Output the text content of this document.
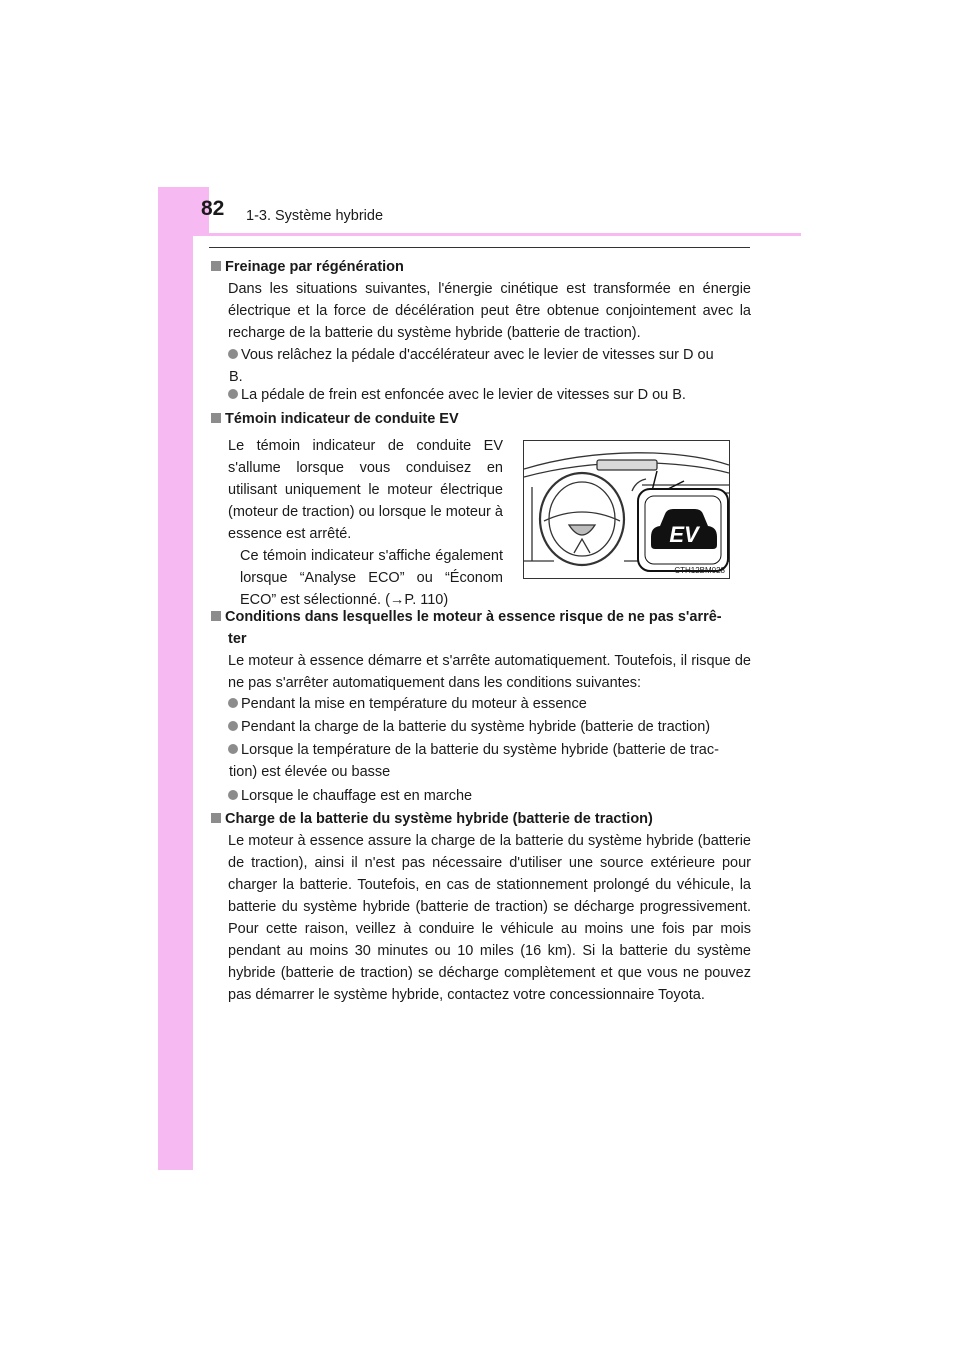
82 1-3. Système hybride
Freinage par régénération
Dans les situations suivantes, l'énergie cinétique est transformée en énergie électrique et la force de décélération peut être obtenue conjointement avec la recharge de la batterie du système hybride (batterie de traction).
Vous relâchez la pédale d'accélérateur avec le levier de vitesses sur D ou
B.
La pédale de frein est enfoncée avec le levier de vitesses sur D ou B.
Témoin indicateur de conduite EV
Le témoin indicateur de conduite EV s'allume lorsque vous conduisez en utilisant uniquement le moteur électrique (moteur de traction) ou lorsque le moteur à essence est arrêté.
Ce témoin indicateur s'affiche également lorsque “Analyse ECO” ou “Économ ECO” est sélectionné. (→P. 110)
EV
CTH12BM028
Conditions dans lesquelles le moteur à essence risque de ne pas s'arrê-
ter
Le moteur à essence démarre et s'arrête automatiquement. Toutefois, il risque de ne pas s'arrêter automatiquement dans les conditions suivantes:
Pendant la mise en température du moteur à essence
Pendant la charge de la batterie du système hybride (batterie de traction)
Lorsque la température de la batterie du système hybride (batterie de trac-
tion) est élevée ou basse
Lorsque le chauffage est en marche
Charge de la batterie du système hybride (batterie de traction)
Le moteur à essence assure la charge de la batterie du système hybride (batterie de traction), ainsi il n'est pas nécessaire d'utiliser une source extérieure pour charger la batterie. Toutefois, en cas de stationnement prolongé du véhicule, la batterie du système hybride (batterie de traction) se décharge progressivement. Pour cette raison, veillez à conduire le véhicule au moins une fois par mois pendant au moins 30 minutes ou 10 miles (16 km). Si la batterie du système hybride (batterie de traction) se décharge complètement et que vous ne pouvez pas démarrer le système hybride, contactez votre concessionnaire Toyota.
